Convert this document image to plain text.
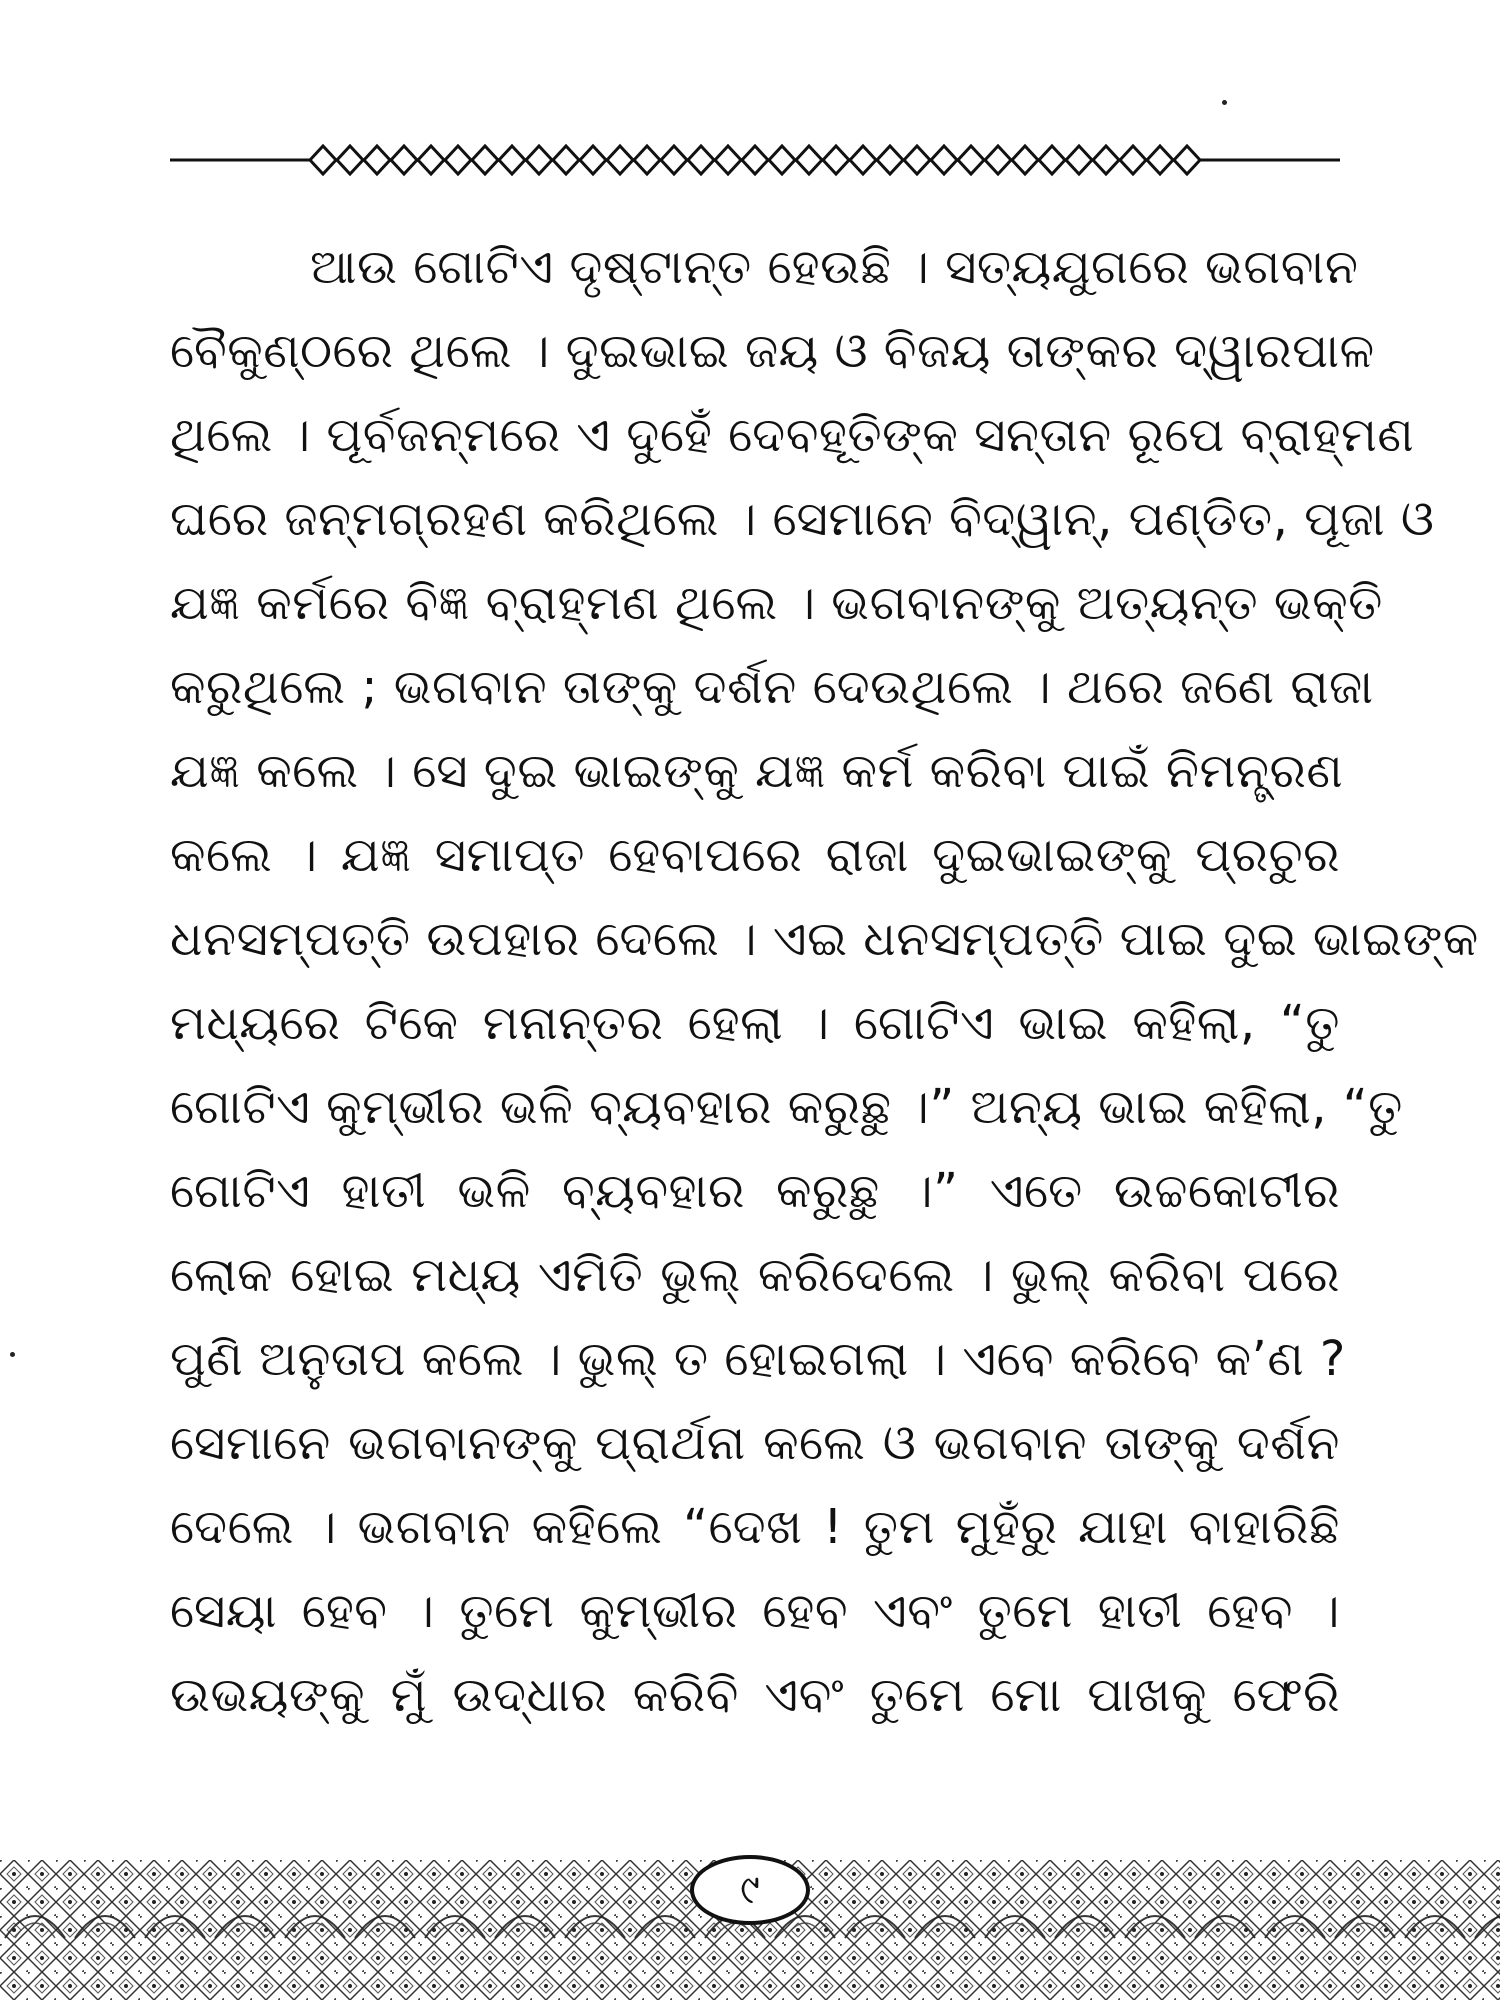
ଆଉ ଗୋଟିଏ ଦୃଷ୍ଟାନ୍ତ ହେଉଛି । ସତ୍ୟଯୁଗରେ ଭଗବାନ
ବୈକୁଣ୍ଠରେ ଥିଲେ । ଦୁଇଭାଇ ଜୟ ଓ ବିଜୟ ତାଙ୍କର ଦ୍ୱାରପାଳ
ଥିଲେ । ପୂର୍ବଜନ୍ମରେ ଏ ଦୁହେଁ ଦେବହୂତିଙ୍କ ସନ୍ତାନ ରୂପେ ବ୍ରାହ୍ମଣ
ଘରେ ଜନ୍ମଗ୍ରହଣ କରିଥିଲେ । ସେମାନେ ବିଦ୍ୱାନ୍, ପଣ୍ଡିତ, ପୂଜା ଓ
ଯଜ୍ଞ କର୍ମରେ ବିଜ୍ଞ ବ୍ରାହ୍ମଣ ଥିଲେ । ଭଗବାନଙ୍କୁ ଅତ୍ୟନ୍ତ ଭକ୍ତି
କରୁଥିଲେ ; ଭଗବାନ ତାଙ୍କୁ ଦର୍ଶନ ଦେଉଥିଲେ । ଥରେ ଜଣେ ରାଜା
ଯଜ୍ଞ କଲେ । ସେ ଦୁଇ ଭାଇଙ୍କୁ ଯଜ୍ଞ କର୍ମ କରିବା ପାଇଁ ନିମନ୍ତ୍ରଣ
କଲେ । ଯଜ୍ଞ ସମାପ୍ତ ହେବାପରେ ରାଜା ଦୁଇଭାଇଙ୍କୁ ପ୍ରଚୁର
ଧନସମ୍ପତ୍ତି ଉପହାର ଦେଲେ । ଏଇ ଧନସମ୍ପତ୍ତି ପାଇ ଦୁଇ ଭାଇଙ୍କ
ମଧ୍ୟରେ ଟିକେ ମନାନ୍ତର ହେଲା । ଗୋଟିଏ ଭାଇ କହିଲା, “ତୁ
ଗୋଟିଏ କୁମ୍ଭୀର ଭଳି ବ୍ୟବହାର କରୁଛୁ ।” ଅନ୍ୟ ଭାଇ କହିଲା, “ତୁ
ଗୋଟିଏ ହାତୀ ଭଳି ବ୍ୟବହାର କରୁଛୁ ।” ଏତେ ଉଚ୍ଚକୋଟୀର
ଲୋକ ହୋଇ ମଧ୍ୟ ଏମିତି ଭୁଲ୍ କରିଦେଲେ । ଭୁଲ୍ କରିବା ପରେ
ପୁଣି ଅନୁତାପ କଲେ । ଭୁଲ୍ ତ ହୋଇଗଲା । ଏବେ କରିବେ କ’ଣ ?
ସେମାନେ ଭଗବାନଙ୍କୁ ପ୍ରାର୍ଥନା କଲେ ଓ ଭଗବାନ ତାଙ୍କୁ ଦର୍ଶନ
ଦେଲେ । ଭଗବାନ କହିଲେ “ଦେଖ ! ତୁମ ମୁହଁରୁ ଯାହା ବାହାରିଛି
ସେୟା ହେବ । ତୁମେ କୁମ୍ଭୀର ହେବ ଏବଂ ତୁମେ ହାତୀ ହେବ ।
ଉଭୟଙ୍କୁ ମୁଁ ଉଦ୍ଧାର କରିବି ଏବଂ ତୁମେ ମୋ ପାଖକୁ ଫେରି
୯
